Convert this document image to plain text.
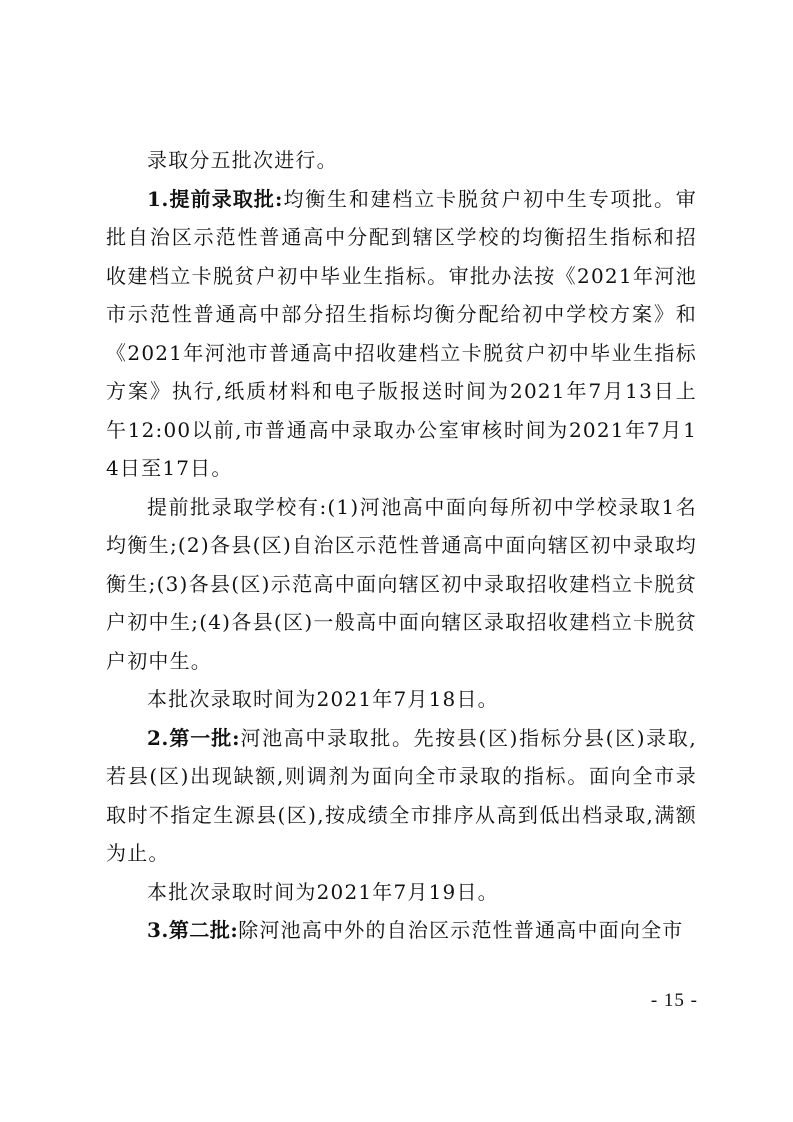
录取分五批次进行。

1.提前录取批:均衡生和建档立卡脱贫户初中生专项批。审批自治区示范性普通高中分配到辖区学校的均衡招生指标和招收建档立卡脱贫户初中毕业生指标。审批办法按《2021年河池市示范性普通高中部分招生指标均衡分配给初中学校方案》和《2021年河池市普通高中招收建档立卡脱贫户初中毕业生指标方案》执行,纸质材料和电子版报送时间为2021年7月13日上午12:00以前,市普通高中录取办公室审核时间为2021年7月14日至17日。

提前批录取学校有:(1)河池高中面向每所初中学校录取1名均衡生;(2)各县(区)自治区示范性普通高中面向辖区初中录取均衡生;(3)各县(区)示范高中面向辖区初中录取招收建档立卡脱贫户初中生;(4)各县(区)一般高中面向辖区录取招收建档立卡脱贫户初中生。

本批次录取时间为2021年7月18日。

2.第一批:河池高中录取批。先按县(区)指标分县(区)录取,若县(区)出现缺额,则调剂为面向全市录取的指标。面向全市录取时不指定生源县(区),按成绩全市排序从高到低出档录取,满额为止。

本批次录取时间为2021年7月19日。

3.第二批:除河池高中外的自治区示范性普通高中面向全市

- 15 -
